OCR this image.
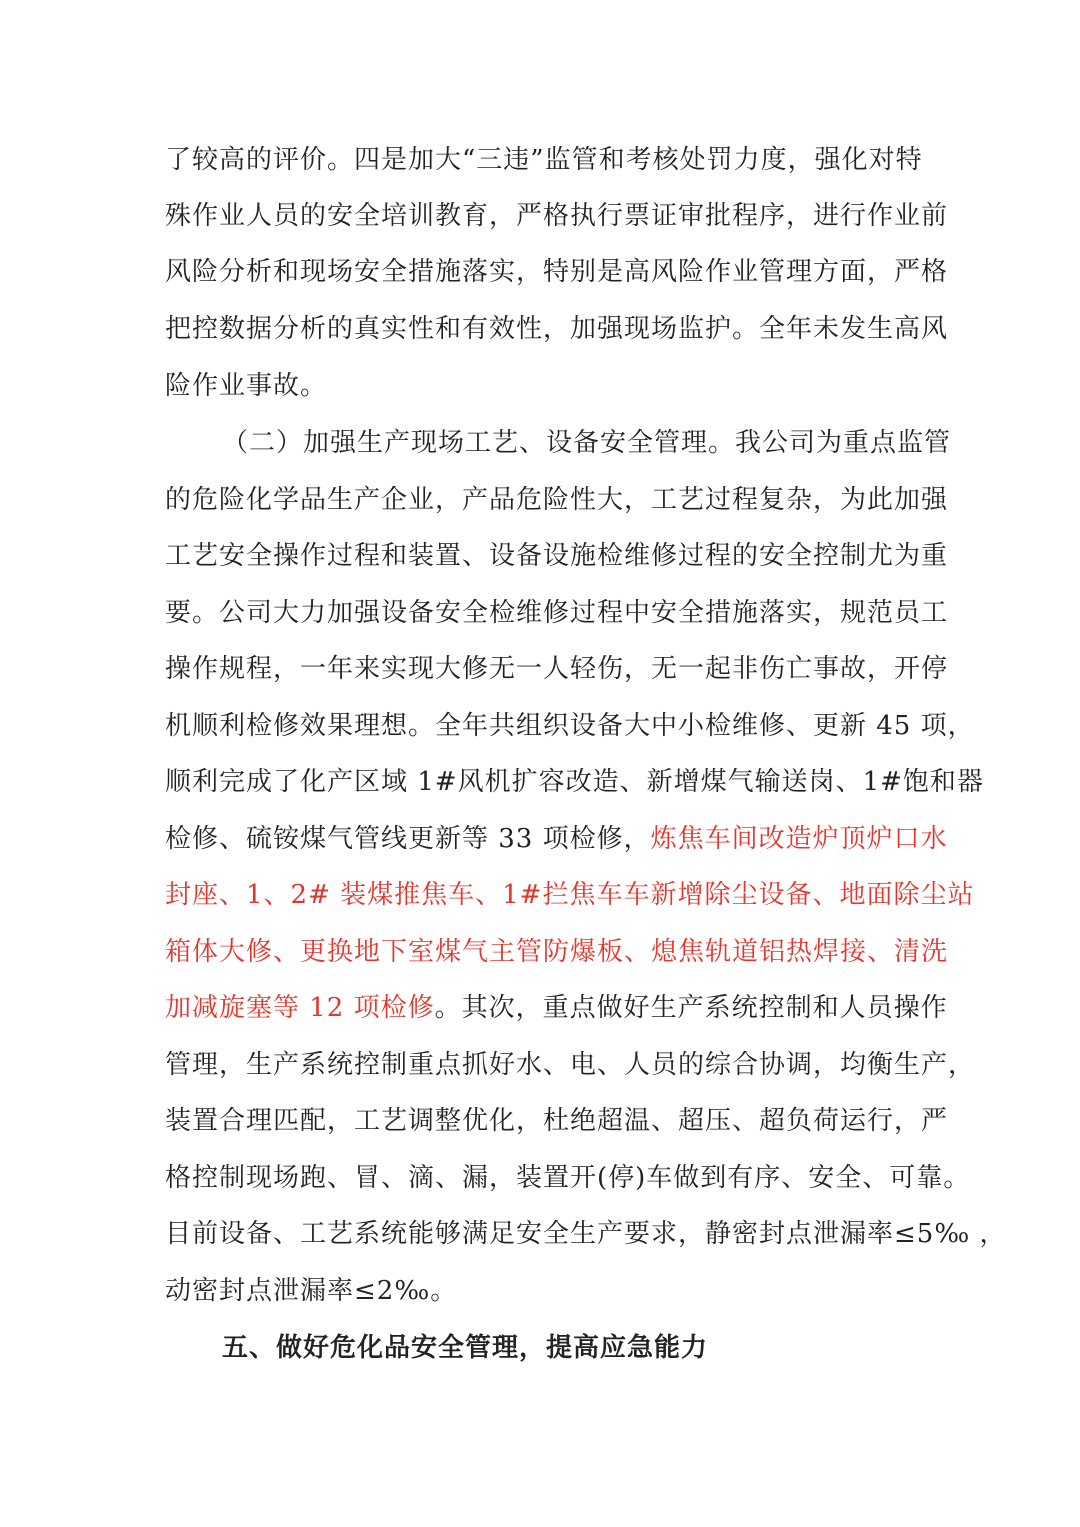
了较高的评价。四是加大“三违”监管和考核处罚力度，强化对特
殊作业人员的安全培训教育，严格执行票证审批程序，进行作业前
风险分析和现场安全措施落实，特别是高风险作业管理方面，严格
把控数据分析的真实性和有效性，加强现场监护。全年未发生高风
险作业事故。
（二）加强生产现场工艺、设备安全管理。我公司为重点监管
的危险化学品生产企业，产品危险性大，工艺过程复杂，为此加强
工艺安全操作过程和装置、设备设施检维修过程的安全控制尤为重
要。公司大力加强设备安全检维修过程中安全措施落实，规范员工
操作规程，一年来实现大修无一人轻伤，无一起非伤亡事故，开停
机顺利检修效果理想。全年共组织设备大中小检维修、更新 45 项，
顺利完成了化产区域 1#风机扩容改造、新增煤气输送岗、1#饱和器
检修、硫铵煤气管线更新等 33 项检修，炼焦车间改造炉顶炉口水
封座、1、2# 装煤推焦车、1#拦焦车车新增除尘设备、地面除尘站
箱体大修、更换地下室煤气主管防爆板、熄焦轨道铝热焊接、清洗
加减旋塞等 12 项检修。其次，重点做好生产系统控制和人员操作
管理，生产系统控制重点抓好水、电、人员的综合协调，均衡生产，
装置合理匹配，工艺调整优化，杜绝超温、超压、超负荷运行，严
格控制现场跑、冒、滴、漏，装置开(停)车做到有序、安全、可靠。
目前设备、工艺系统能够满足安全生产要求，静密封点泄漏率≤5‰ ，
动密封点泄漏率≤2‰。
五、做好危化品安全管理，提高应急能力
